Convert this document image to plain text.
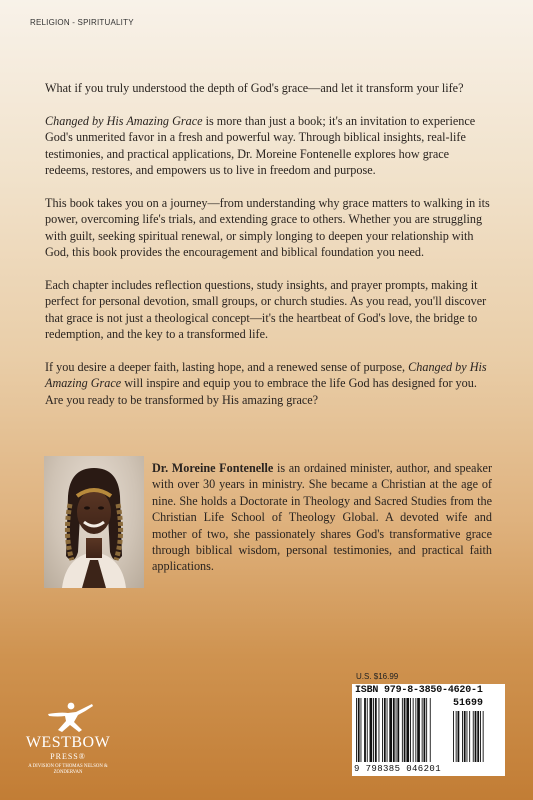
RELIGION - SPIRITUALITY

What if you truly understood the depth of God's grace—and let it transform your life?

Changed by His Amazing Grace is more than just a book; it's an invitation to experience God's unmerited favor in a fresh and powerful way. Through biblical insights, real-life testimonies, and practical applications, Dr. Moreine Fontenelle explores how grace redeems, restores, and empowers us to live in freedom and purpose.

This book takes you on a journey—from understanding why grace matters to walking in its power, overcoming life's trials, and extending grace to others. Whether you are struggling with guilt, seeking spiritual renewal, or simply longing to deepen your relationship with God, this book provides the encouragement and biblical foundation you need.

Each chapter includes reflection questions, study insights, and prayer prompts, making it perfect for personal devotion, small groups, or church studies. As you read, you'll discover that grace is not just a theological concept—it's the heartbeat of God's love, the bridge to redemption, and the key to a transformed life.

If you desire a deeper faith, lasting hope, and a renewed sense of purpose, Changed by His Amazing Grace will inspire and equip you to embrace the life God has designed for you.

Are you ready to be transformed by His amazing grace?

Dr. Moreine Fontenelle is an ordained minister, author, and speaker with over 30 years in ministry. She became a Christian at the age of nine. She holds a Doctorate in Theology and Sacred Studies from the Christian Life School of Theology Global. A devoted wife and mother of two, she passionately shares God's transformative grace through biblical wisdom, personal testimonies, and practical faith applications.
U.S. $16.99
ISBN 979-8-3850-4620-1
51699
9 798385 046201
WESTBOW
PRESS®
A DIVISION OF THOMAS NELSON & ZONDERVAN
